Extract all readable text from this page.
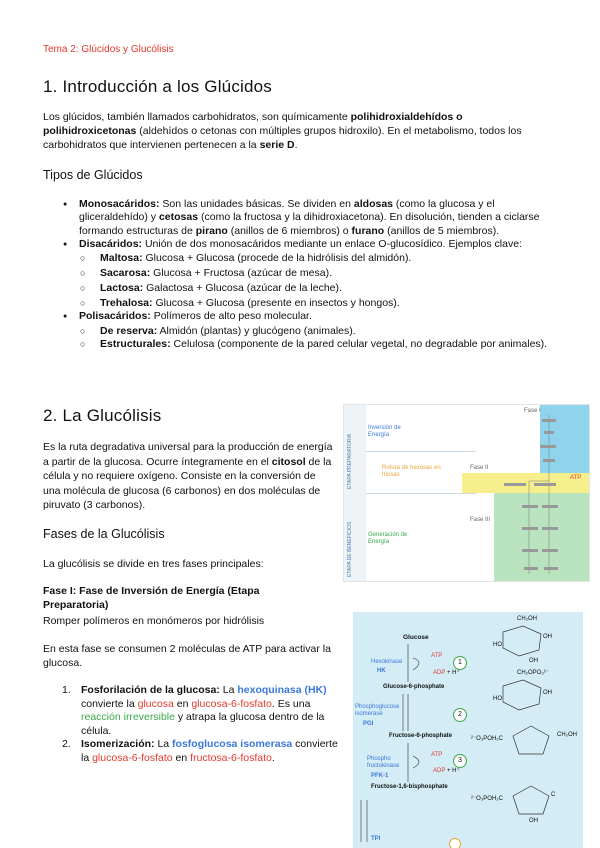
Tema 2: Glúcidos y Glucólisis
1. Introducción a los Glúcidos

Los glúcidos, también llamados carbohidratos, son químicamente polihidroxialdehídos o polihidroxicetonas (aldehídos o cetonas con múltiples grupos hidroxilo). En el metabolismo, todos los carbohidratos que intervienen pertenecen a la serie D.

Tipos de Glúcidos
● Monosacáridos: Son las unidades básicas. Se dividen en aldosas (como la glucosa y el gliceraldehído) y cetosas (como la fructosa y la dihidroxiacetona). En disolución, tienden a ciclarse formando estructuras de pirano (anillos de 6 miembros) o furano (anillos de 5 miembros).
● Disacáridos: Unión de dos monosacáridos mediante un enlace O-glucosídico. Ejemplos clave:
○ Maltosa: Glucosa + Glucosa (procede de la hidrólisis del almidón).
○ Sacarosa: Glucosa + Fructosa (azúcar de mesa).
○ Lactosa: Galactosa + Glucosa (azúcar de la leche).
○ Trehalosa: Glucosa + Glucosa (presente en insectos y hongos).
● Polisacáridos: Polímeros de alto peso molecular.
○ De reserva: Almidón (plantas) y glucógeno (animales).
○ Estructurales: Celulosa (componente de la pared celular vegetal, no degradable por animales).
2. La Glucólisis

Es la ruta degradativa universal para la producción de energía a partir de la glucosa. Ocurre íntegramente en el citosol de la célula y no requiere oxígeno. Consiste en la conversión de una molécula de glucosa (6 carbonos) en dos moléculas de piruvato (3 carbonos).

Fases de la Glucólisis
La glucólisis se divide en tres fases principales:
Fase I: Fase de Inversión de Energía (Etapa Preparatoria)
Romper polímeros en monómeros por hidrólisis
En esta fase se consumen 2 moléculas de ATP para activar la glucosa.
1. Fosforilación de la glucosa: La hexoquinasa (HK) convierte la glucosa en glucosa-6-fosfato. Es una reacción irreversible y atrapa la glucosa dentro de la célula.
2. Isomerización: La fosfoglucosa isomerasa convierte la glucosa-6-fosfato en fructosa-6-fosfato.
Inversión de Energía
Rotura de hexosas en triosas
Generación de Energía
Fase I
Fase II
Fase III
ATP
Glucose
Hexokinase
HK
ATP
ADP + H⁺
Glucose-6-phosphate
Phosphoglucose isomerase
PGI
Fructose-6-phosphate
Phospho fructokinase
PFK-1
ATP
ADP + H⁺
Fructose-1,6-bisphosphate
TPI
1
2
3
CH₂OH
OH
HO
OH
CH₂OPO₃²⁻
OH
HO
²⁻O₃POH₂C
CH₂OH
²⁻O₃POH₂C
C
OH
